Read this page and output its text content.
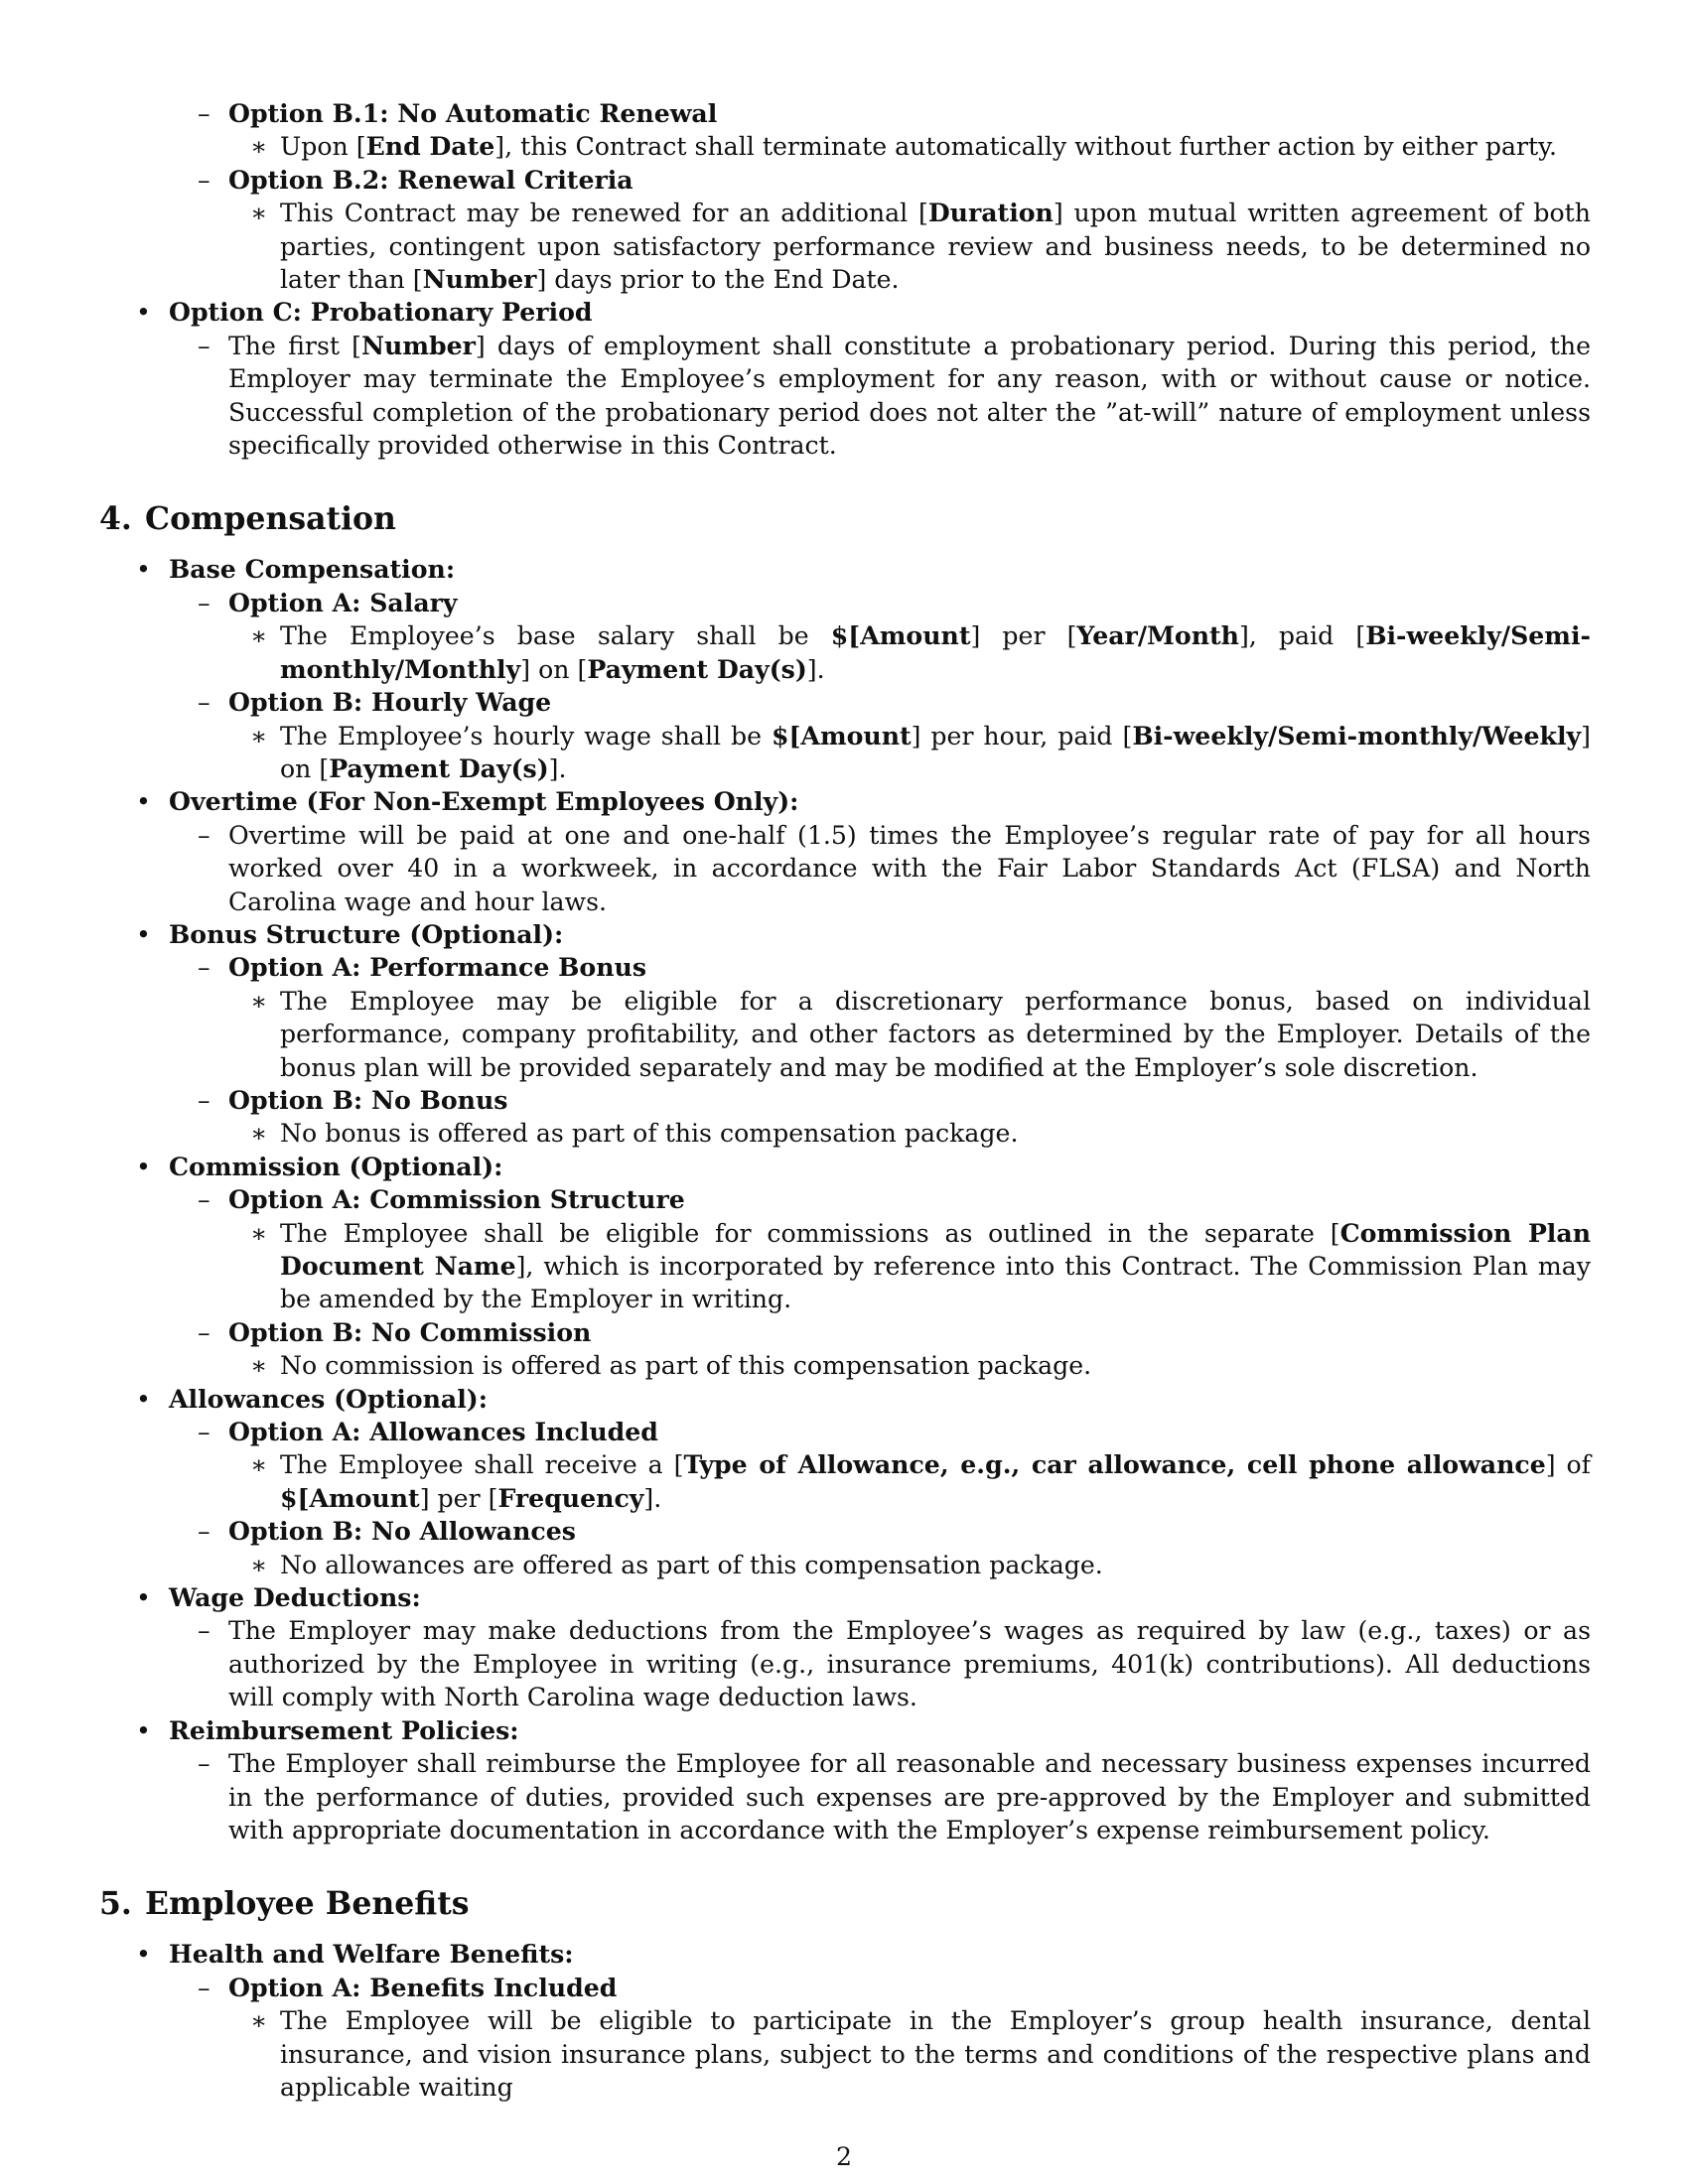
– Option B.1: No Automatic Renewal
∗ Upon [End Date], this Contract shall terminate automatically without further action by either party.
– Option B.2: Renewal Criteria
∗ This Contract may be renewed for an additional [Duration] upon mutual written agreement of both parties, contingent upon satisfactory performance review and business needs, to be determined no later than [Number] days prior to the End Date.
• Option C: Probationary Period
– The first [Number] days of employment shall constitute a probationary period. During this period, the Employer may terminate the Employee’s employment for any reason, with or without cause or notice. Successful completion of the probationary period does not alter the ”at-will” nature of employment unless specifically provided otherwise in this Contract.
4. Compensation
• Base Compensation:
– Option A: Salary
∗ The Employee’s base salary shall be $[Amount] per [Year/Month], paid [Bi-weekly/Semi-monthly/Monthly] on [Payment Day(s)].
– Option B: Hourly Wage
∗ The Employee’s hourly wage shall be $[Amount] per hour, paid [Bi-weekly/Semi-monthly/Weekly] on [Payment Day(s)].
• Overtime (For Non-Exempt Employees Only):
– Overtime will be paid at one and one-half (1.5) times the Employee’s regular rate of pay for all hours worked over 40 in a workweek, in accordance with the Fair Labor Standards Act (FLSA) and North Carolina wage and hour laws.
• Bonus Structure (Optional):
– Option A: Performance Bonus
∗ The Employee may be eligible for a discretionary performance bonus, based on individual performance, company profitability, and other factors as determined by the Employer. Details of the bonus plan will be provided separately and may be modified at the Employer’s sole discretion.
– Option B: No Bonus
∗ No bonus is offered as part of this compensation package.
• Commission (Optional):
– Option A: Commission Structure
∗ The Employee shall be eligible for commissions as outlined in the separate [Commission Plan Document Name], which is incorporated by reference into this Contract. The Commission Plan may be amended by the Employer in writing.
– Option B: No Commission
∗ No commission is offered as part of this compensation package.
• Allowances (Optional):
– Option A: Allowances Included
∗ The Employee shall receive a [Type of Allowance, e.g., car allowance, cell phone allowance] of $[Amount] per [Frequency].
– Option B: No Allowances
∗ No allowances are offered as part of this compensation package.
• Wage Deductions:
– The Employer may make deductions from the Employee’s wages as required by law (e.g., taxes) or as authorized by the Employee in writing (e.g., insurance premiums, 401(k) contributions). All deductions will comply with North Carolina wage deduction laws.
• Reimbursement Policies:
– The Employer shall reimburse the Employee for all reasonable and necessary business expenses incurred in the performance of duties, provided such expenses are pre-approved by the Employer and submitted with appropriate documentation in accordance with the Employer’s expense reimbursement policy.
5. Employee Benefits
• Health and Welfare Benefits:
– Option A: Benefits Included
∗ The Employee will be eligible to participate in the Employer’s group health insurance, dental insurance, and vision insurance plans, subject to the terms and conditions of the respective plans and applicable waiting
2
